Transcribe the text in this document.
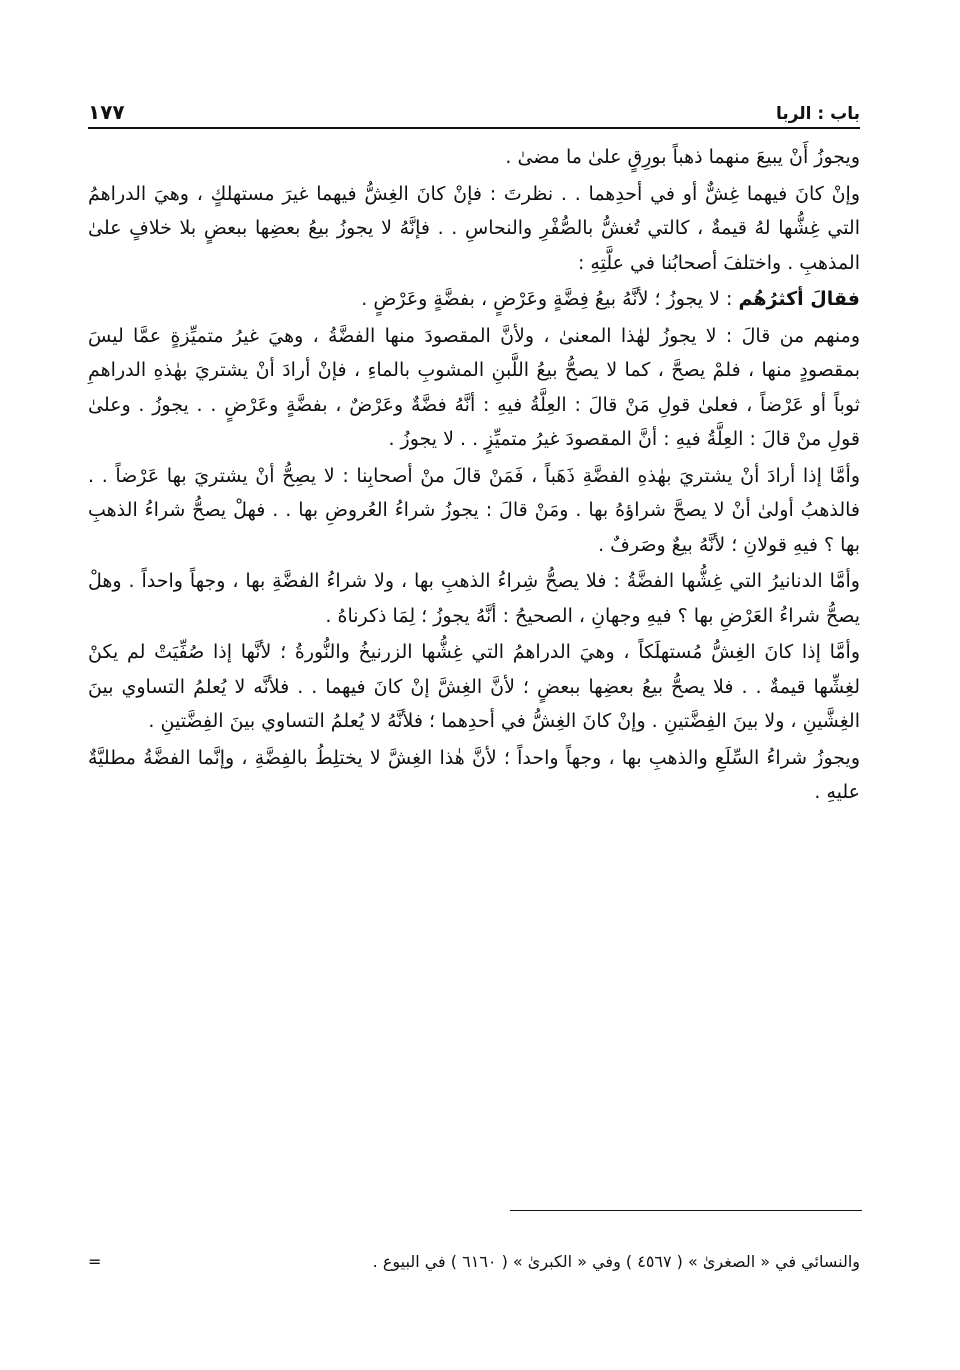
باب : الربا
١٧٧

ويجوزُ أَنْ يبيعَ منهما ذهباً بورِقٍ علىٰ ما مضىٰ .

وإنْ كانَ فيهما غِشٌّ أو في أحدِهما . . نظرتَ : فإنْ كانَ الغِشُّ فيهما غيرَ مستهلكٍ ، وهيَ الدراهمُ التي غِشُّها لهُ قيمةٌ ، كالتي تُغشُّ بالصُّفْرِ والنحاسِ . . فإنَّهُ لا يجوزُ بيعُ بعضِها ببعضٍ بلا خلافٍ علىٰ المذهبِ . واختلفَ أصحابُنا في علَّتِهِ :

فقالَ أكثرُهُم : لا يجوزُ ؛ لأنَّهُ بيعُ فِضَّةٍ وعَرْضٍ ، بفضَّةٍ وعَرْضٍ .

ومنهم من قالَ : لا يجوزُ لهٰذا المعنىٰ ، ولأنَّ المقصودَ منها الفضَّةُ ، وهيَ غيرُ متميِّزةٍ عمَّا ليسَ بمقصودٍ منها ، فلمْ يصحَّ ، كما لا يصحُّ بيعُ اللَّبنِ المشوبِ بالماءِ ، فإنْ أرادَ أنْ يشتريَ بهٰذهِ الدراهمِ ثوباً أو عَرْضاً ، فعلىٰ قولِ مَنْ قالَ : العِلَّةُ فيهِ : أنَّهُ فضَّةٌ وعَرْضٌ ، بفضَّةٍ وعَرْضٍ . . يجوزُ . وعلىٰ قولِ منْ قالَ : العِلَّةُ فيهِ : أنَّ المقصودَ غيرُ متميِّزٍ . . لا يجوزُ .

وأمَّا إذا أرادَ أنْ يشتريَ بهٰذهِ الفضَّةِ ذَهَباً ، فَمَنْ قالَ منْ أصحابِنا : لا يصِحُّ أنْ يشتريَ بها عَرْضاً . . فالذهبُ أولىٰ أنْ لا يصحَّ شراؤهُ بها . ومَنْ قالَ : يجوزُ شراءُ العُروضِ بها . . فهلْ يصحُّ شراءُ الذهبِ بها ؟ فيهِ قولانِ ؛ لأنَّهُ بيعٌ وصَرفٌ .

وأمَّا الدنانيرُ التي غِشُّها الفضَّةُ : فلا يصحُّ شِراءُ الذهبِ بها ، ولا شراءُ الفضَّةِ بها ، وجهاً واحداً . وهلْ يصحُّ شراءُ العَرْضِ بها ؟ فيهِ وجهانِ ، الصحيحُ : أنَّهُ يجوزُ ؛ لِمَا ذكرناهُ .

وأمَّا إذا كانَ الغِشُّ مُستهلَكاً ، وهيَ الدراهمُ التي غِشُّها الزرنيخُ والنُّورةُ ؛ لأنَّها إذا صُفِّيَتْ لم يكنْ لغِشِّها قيمةٌ . . فلا يصحُّ بيعُ بعضِها ببعضٍ ؛ لأنَّ الغِشَّ إنْ كانَ فيهما . . فلأنَّه لا يُعلمُ التساوي بينَ الغِشَّينِ ، ولا بينَ الفِضَّتينِ . وإنْ كانَ الغِشُّ في أحدِهما ؛ فلأنَّهُ لا يُعلمُ التساوي بينَ الفِضَّتينِ .

ويجوزُ شراءُ السِّلَعِ والذهبِ بها ، وجهاً واحداً ؛ لأنَّ هٰذا الغِشَّ لا يختلِطُ بالفِضَّةِ ، وإنَّما الفضَّةُ مطليَّةٌ عليهِ .

والنسائي في « الصغرىٰ » ( ٤٥٦٧ ) وفي « الكبرىٰ » ( ٦١٦٠ ) في البيوع .
=
